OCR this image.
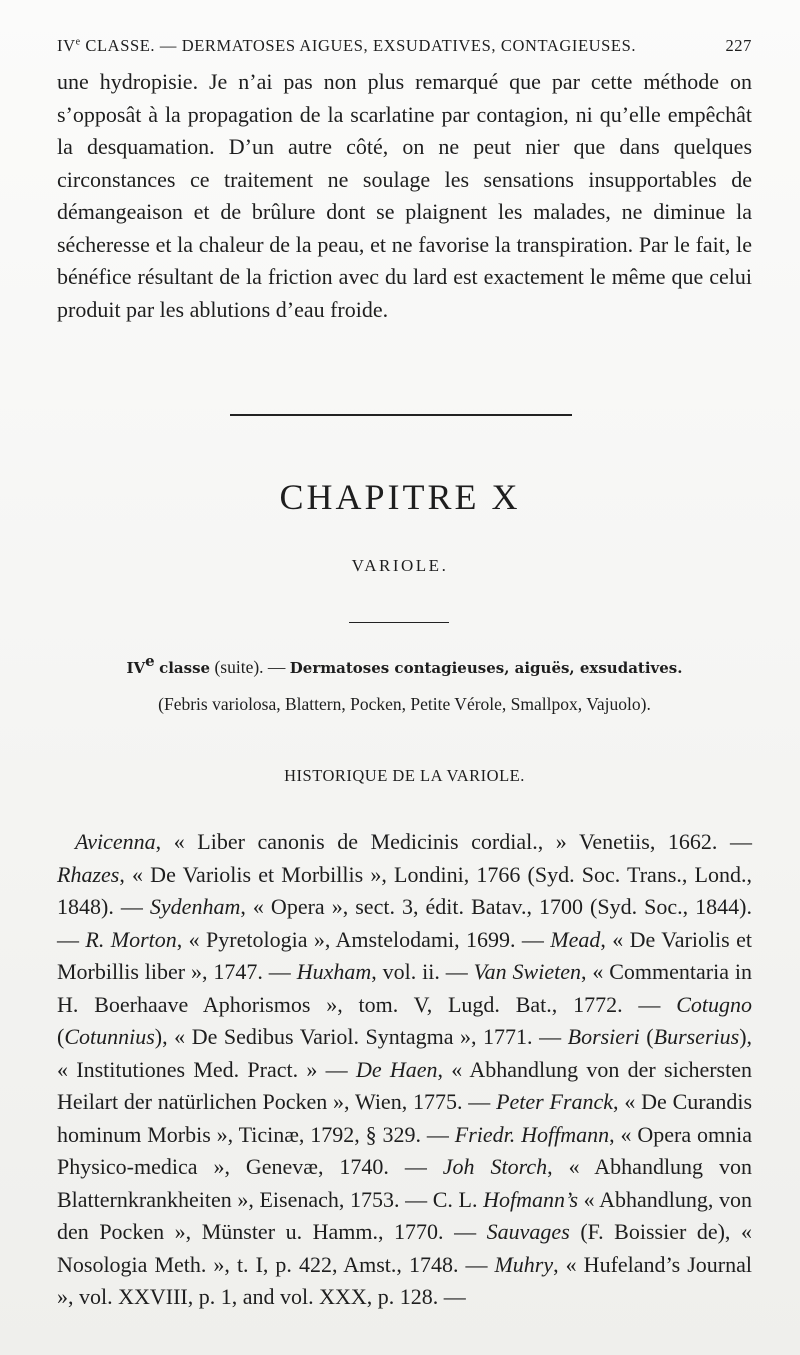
IVe CLASSE. — DERMATOSES AIGUES, EXSUDATIVES, CONTAGIEUSES.	227

une hydropisie. Je n’ai pas non plus remarqué que par cette méthode on s’opposât à la propagation de la scarlatine par contagion, ni qu’elle empêchât la desquamation. D’un autre côté, on ne peut nier que dans quelques circonstances ce traitement ne soulage les sensations insupportables de démangeaison et de brûlure dont se plaignent les malades, ne diminue la sécheresse et la chaleur de la peau, et ne favorise la transpiration. Par le fait, le bénéfice résultant de la friction avec du lard est exactement le même que celui produit par les ablutions d’eau froide.

CHAPITRE X
VARIOLE.
IVe classe (suite). — Dermatoses contagieuses, aiguës, exsudatives.
(Febris variolosa, Blattern, Pocken, Petite Vérole, Smallpox, Vajuolo).
HISTORIQUE DE LA VARIOLE.

Avicenna, « Liber canonis de Medicinis cordial., » Venetiis, 1662. — Rhazes, « De Variolis et Morbillis », Londini, 1766 (Syd. Soc. Trans., Lond., 1848). — Sydenham, « Opera », sect. 3, édit. Batav., 1700 (Syd. Soc., 1844). — R. Morton, « Pyretologia », Amstelodami, 1699. — Mead, « De Variolis et Morbillis liber », 1747. — Huxham, vol. ii. — Van Swieten, « Commentaria in H. Boerhaave Aphorismos », tom. V, Lugd. Bat., 1772. — Cotugno (Cotunnius), « De Sedibus Variol. Syntagma », 1771. — Borsieri (Burserius), « Institutiones Med. Pract. » — De Haen, « Abhandlung von der sichersten Heilart der natürlichen Pocken », Wien, 1775. — Peter Franck, « De Curandis hominum Morbis », Ticinæ, 1792, § 329. — Friedr. Hoffmann, « Opera omnia Physico-medica », Genevæ, 1740. — Joh Storch, « Abhandlung von Blatternkrankheiten », Eisenach, 1753. — C. L. Hofmann’s « Abhandlung, von den Pocken », Münster u. Hamm., 1770. — Sauvages (F. Boissier de), « Nosologia Meth. », t. I, p. 422, Amst., 1748. — Muhry, « Hufeland’s Journal », vol. XXVIII, p. 1, and vol. XXX, p. 128. —
